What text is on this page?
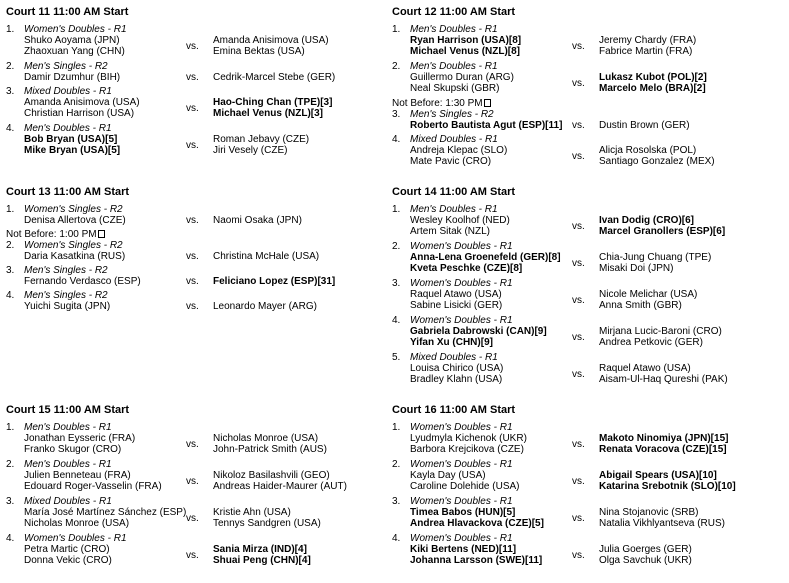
Court 11 11:00 AM Start
1. Women's Doubles - R1
Shuko Aoyama (JPN)
Zhaoxuan Yang (CHN)	vs. Amanda Anisimova (USA)
Emina Bektas (USA)
2. Men's Singles - R2
Damir Dzumhur (BIH)	vs. Cedrik-Marcel Stebe (GER)
3. Mixed Doubles - R1
Amanda Anisimova (USA)
Christian Harrison (USA)	vs. Hao-Ching Chan (TPE)[3]
Michael Venus (NZL)[3]
4. Men's Doubles - R1
Bob Bryan (USA)[5]
Mike Bryan (USA)[5]	vs. Roman Jebavy (CZE)
Jiri Vesely (CZE)
Court 12 11:00 AM Start
1. Men's Doubles - R1
Ryan Harrison (USA)[8]
Michael Venus (NZL)[8]	vs. Jeremy Chardy (FRA)
Fabrice Martin (FRA)
2. Men's Doubles - R1
Guillermo Duran (ARG)
Neal Skupski (GBR)	vs. Lukasz Kubot (POL)[2]
Marcelo Melo (BRA)[2]
Not Before: 1:30 PM
3. Men's Singles - R2
Roberto Bautista Agut (ESP)[11] vs. Dustin Brown (GER)
4. Mixed Doubles - R1
Andreja Klepac (SLO)
Mate Pavic (CRO)	vs. Alicja Rosolska (POL)
Santiago Gonzalez (MEX)
Court 13 11:00 AM Start
1. Women's Singles - R2
Denisa Allertova (CZE)	vs. Naomi Osaka (JPN)
Not Before: 1:00 PM
2. Women's Singles - R2
Daria Kasatkina (RUS)	vs. Christina McHale (USA)
3. Men's Singles - R2
Fernando Verdasco (ESP)	vs. Feliciano Lopez (ESP)[31]
4. Men's Singles - R2
Yuichi Sugita (JPN)	vs. Leonardo Mayer (ARG)
Court 14 11:00 AM Start
1. Men's Doubles - R1
Wesley Koolhof (NED)
Artem Sitak (NZL)	vs. Ivan Dodig (CRO)[6]
Marcel Granollers (ESP)[6]
2. Women's Doubles - R1
Anna-Lena Groenefeld (GER)[8]
Kveta Peschke (CZE)[8]	vs. Chia-Jung Chuang (TPE)
Misaki Doi (JPN)
3. Women's Doubles - R1
Raquel Atawo (USA)
Sabine Lisicki (GER)	vs. Nicole Melichar (USA)
Anna Smith (GBR)
4. Women's Doubles - R1
Gabriela Dabrowski (CAN)[9]
Yifan Xu (CHN)[9]	vs. Mirjana Lucic-Baroni (CRO)
Andrea Petkovic (GER)
5. Mixed Doubles - R1
Louisa Chirico (USA)
Bradley Klahn (USA)	vs. Raquel Atawo (USA)
Aisam-Ul-Haq Qureshi (PAK)
Court 15 11:00 AM Start
1. Men's Doubles - R1
Jonathan Eysseric (FRA)
Franko Skugor (CRO)	vs. Nicholas Monroe (USA)
John-Patrick Smith (AUS)
2. Men's Doubles - R1
Julien Benneteau (FRA)
Edouard Roger-Vasselin (FRA) vs. Nikoloz Basilashvili (GEO)
Andreas Haider-Maurer (AUT)
3. Mixed Doubles - R1
María José Martínez Sánchez (ESP)
Nicholas Monroe (USA)	vs. Kristie Ahn (USA)
Tennys Sandgren (USA)
4. Women's Doubles - R1
Petra Martic (CRO)
Donna Vekic (CRO)	vs. Sania Mirza (IND)[4]
Shuai Peng (CHN)[4]
Court 16 11:00 AM Start
1. Women's Doubles - R1
Lyudmyla Kichenok (UKR)
Barbora Krejcikova (CZE)	vs. Makoto Ninomiya (JPN)[15]
Renata Voracova (CZE)[15]
2. Women's Doubles - R1
Kayla Day (USA)
Caroline Dolehide (USA)	vs. Abigail Spears (USA)[10]
Katarina Srebotnik (SLO)[10]
3. Women's Doubles - R1
Timea Babos (HUN)[5]
Andrea Hlavackova (CZE)[5]	vs. Nina Stojanovic (SRB)
Natalia Vikhlyantseva (RUS)
4. Women's Doubles - R1
Kiki Bertens (NED)[11]
Johanna Larsson (SWE)[11]	vs. Julia Goerges (GER)
Olga Savchuk (UKR)
